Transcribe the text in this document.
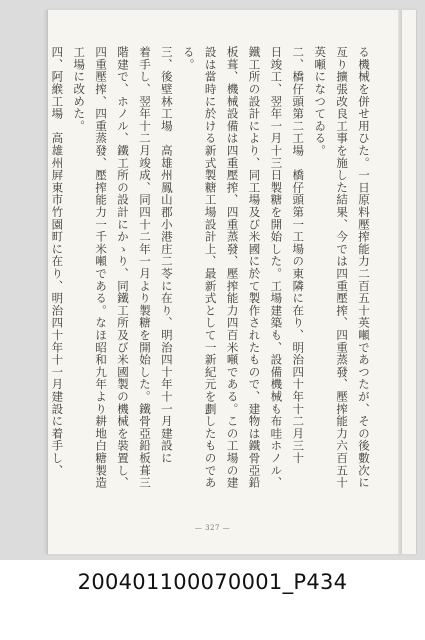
る機械を併せ用ひた。一日原料壓搾能力二百五十英噸であつたが、その後數次に
亙り擴張改良工事を施した結果、今では四重壓搾、四重蒸發、壓搾能力六百五十
英噸になつてゐる。
二、橋仔頭第二工場　橋仔頭第一工場の東隣に在り、明治四十年十二月三十
日竣工、翌年一月十三日製糖を開始した。工場建築も、設備機械も布哇ホノル、
鐵工所の設計により、同工場及び米國に於て製作されたもので、建物は鐵骨亞鉛
板葺、機械設備は四重壓搾、四重蒸發、壓搾能力四百米噸である。この工場の建
設は當時に於ける新式製糖工場設計上、最新式として一新紀元を劃したものであ
る。
三、後壁林工場　高雄州鳳山郡小港庄二苓に在り、明治四十年十一月建設に
着手し、翌年十二月竣成、同四十二年一月より製糖を開始した。鐵骨亞鉛板葺三
階建で、ホノル、鐵工所の設計にかゝり、同鐵工所及び米國製の機械を裝置し、
四重壓搾、四重蒸發、壓搾能力一千米噸である。なほ昭和九年より耕地白糖製造
工場に改めた。
四、阿緱工場　高雄州屛東市竹園町に在り、明治四十年十一月建設に着手し、
— 327 —
200401100070001_P434
